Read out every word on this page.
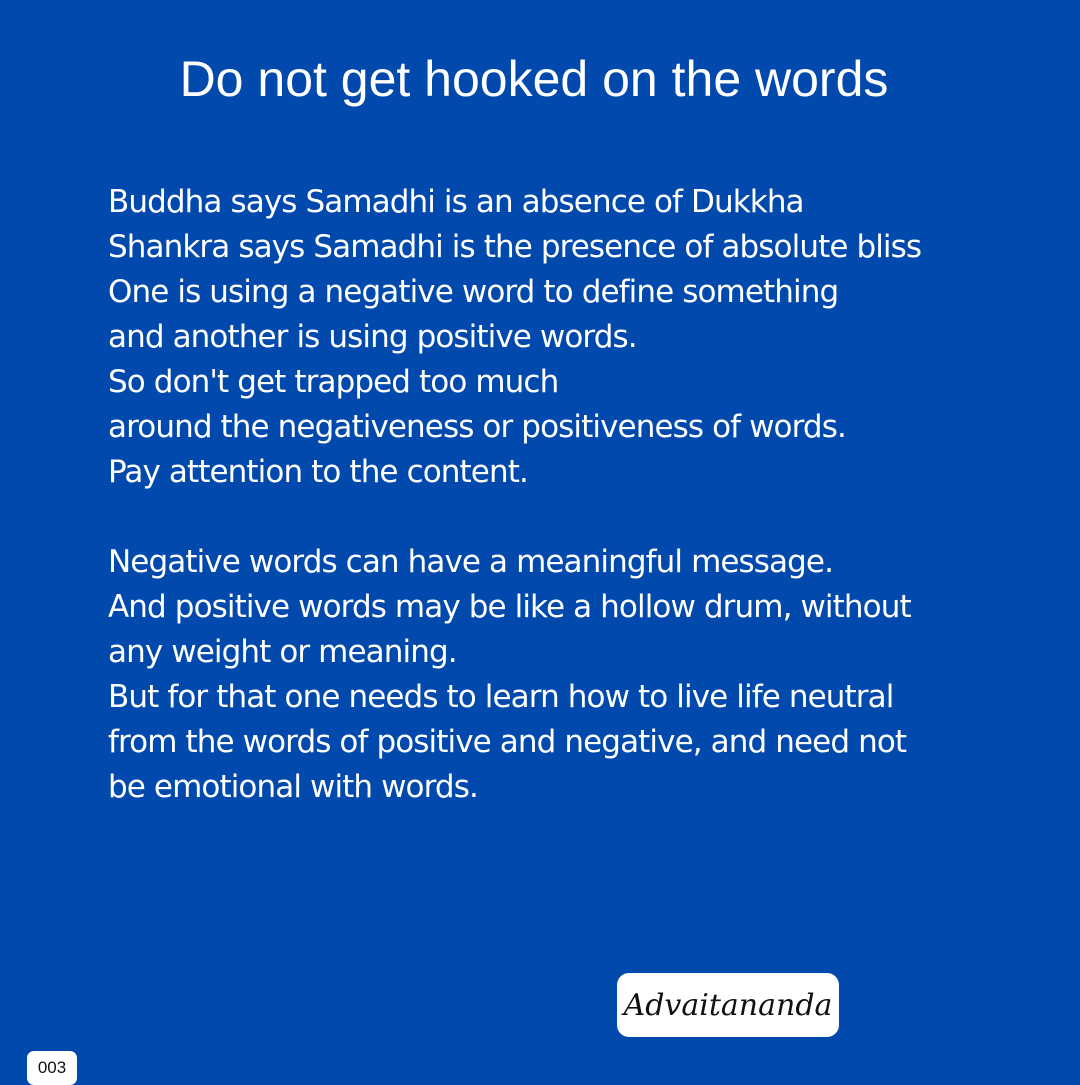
Do not get hooked on the words
Buddha says Samadhi is an absence of Dukkha
Shankra says Samadhi is the presence of absolute bliss
One is using a negative word to define something
and another is using positive words.
So don't get trapped too much
around the negativeness or positiveness of words.
Pay attention to the content.
Negative words can have a meaningful message.
And positive words may be like a hollow drum, without
any weight or meaning.
But for that one needs to learn how to live life neutral
from the words of positive and negative, and need not
be emotional with words.
Advaitananda
003
